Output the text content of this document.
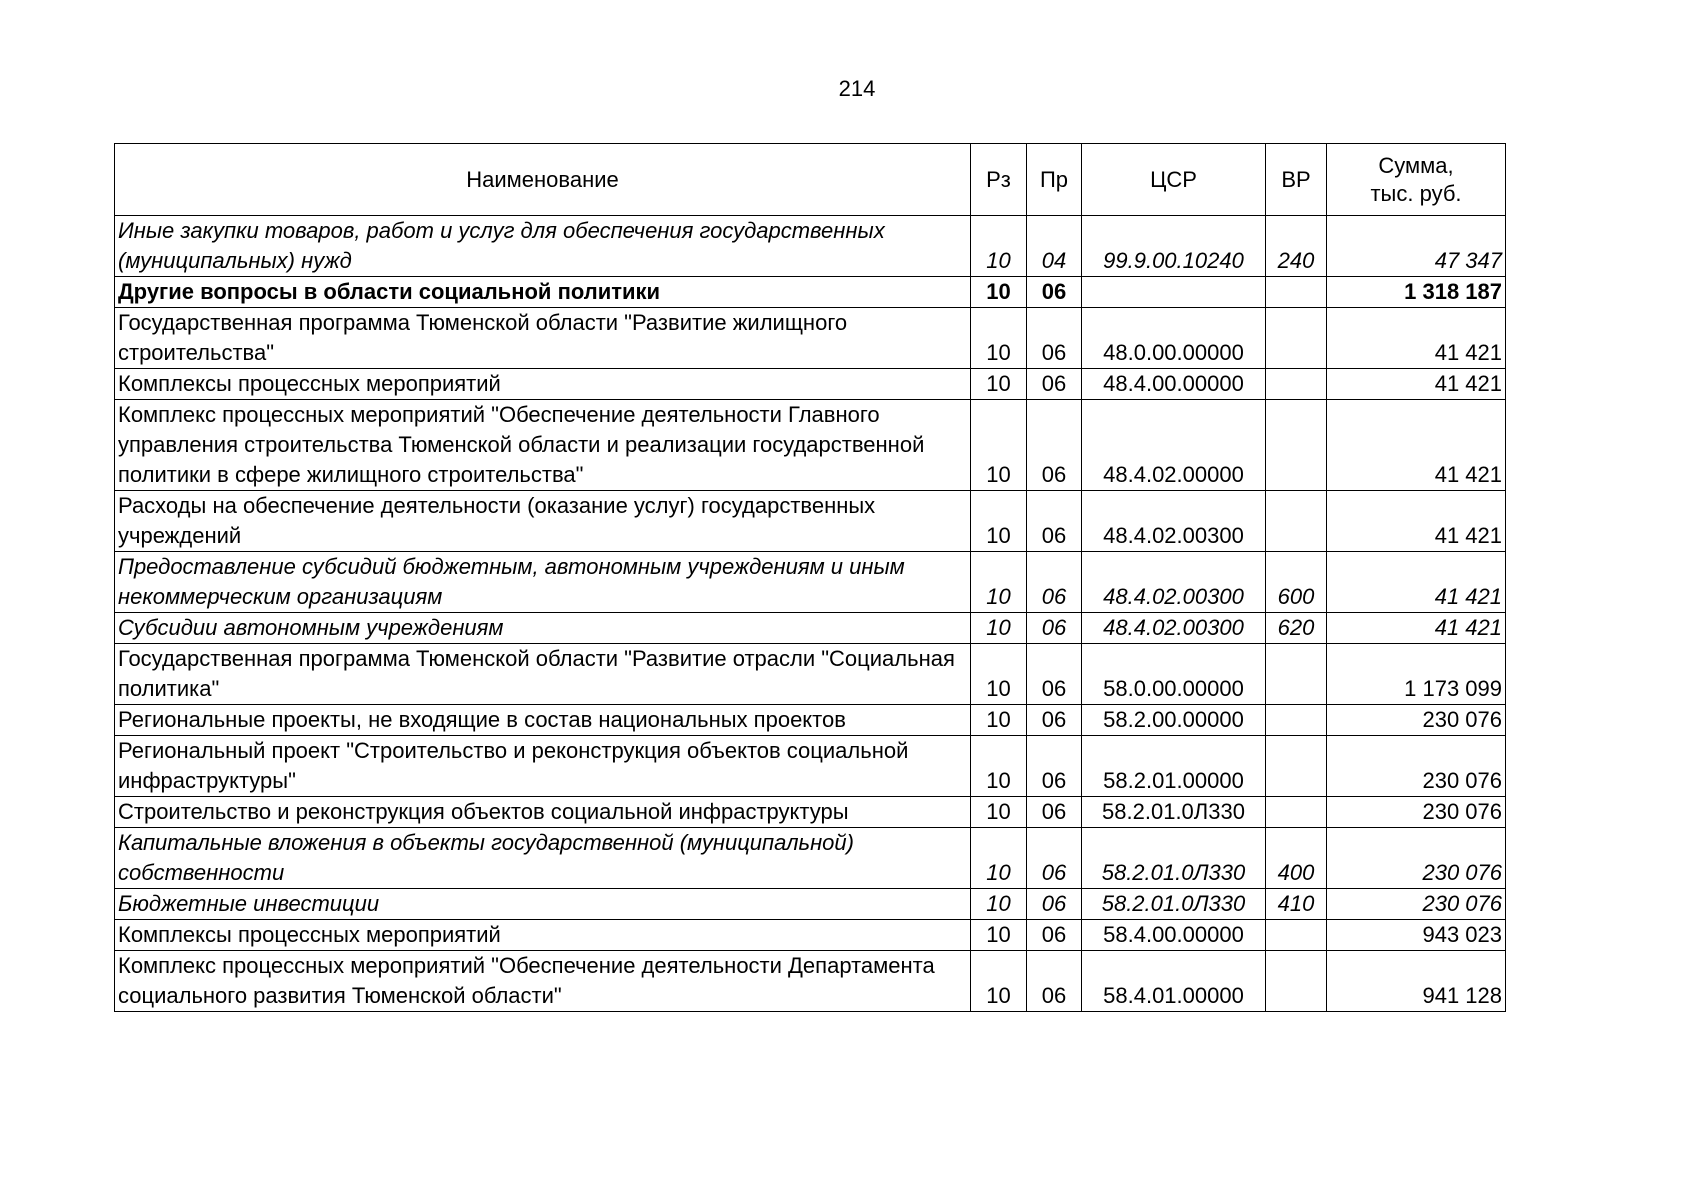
214
Наименование	Рз	Пр	ЦСР	ВР	Сумма,
тыс. руб.
Иные закупки товаров, работ и услуг для обеспечения государственных (муниципальных) нужд	10	04	99.9.00.10240	240	47 347
Другие вопросы в области социальной политики	10	06			1 318 187
Государственная программа Тюменской области "Развитие жилищного строительства"	10	06	48.0.00.00000		41 421
Комплексы процессных мероприятий	10	06	48.4.00.00000		41 421
Комплекс процессных мероприятий "Обеспечение деятельности Главного управления строительства Тюменской области и реализации государственной политики в сфере жилищного строительства"	10	06	48.4.02.00000		41 421
Расходы на обеспечение деятельности (оказание услуг) государственных учреждений	10	06	48.4.02.00300		41 421
Предоставление субсидий бюджетным, автономным учреждениям и иным некоммерческим организациям	10	06	48.4.02.00300	600	41 421
Субсидии автономным учреждениям	10	06	48.4.02.00300	620	41 421
Государственная программа Тюменской области "Развитие отрасли "Социальная политика"	10	06	58.0.00.00000		1 173 099
Региональные проекты, не входящие в состав национальных проектов	10	06	58.2.00.00000		230 076
Региональный проект "Строительство и реконструкция объектов социальной инфраструктуры"	10	06	58.2.01.00000		230 076
Строительство и реконструкция объектов социальной инфраструктуры	10	06	58.2.01.0Л330		230 076
Капитальные вложения в объекты государственной (муниципальной) собственности	10	06	58.2.01.0Л330	400	230 076
Бюджетные инвестиции	10	06	58.2.01.0Л330	410	230 076
Комплексы процессных мероприятий	10	06	58.4.00.00000		943 023
Комплекс процессных мероприятий "Обеспечение деятельности Департамента социального развития Тюменской области"	10	06	58.4.01.00000		941 128
